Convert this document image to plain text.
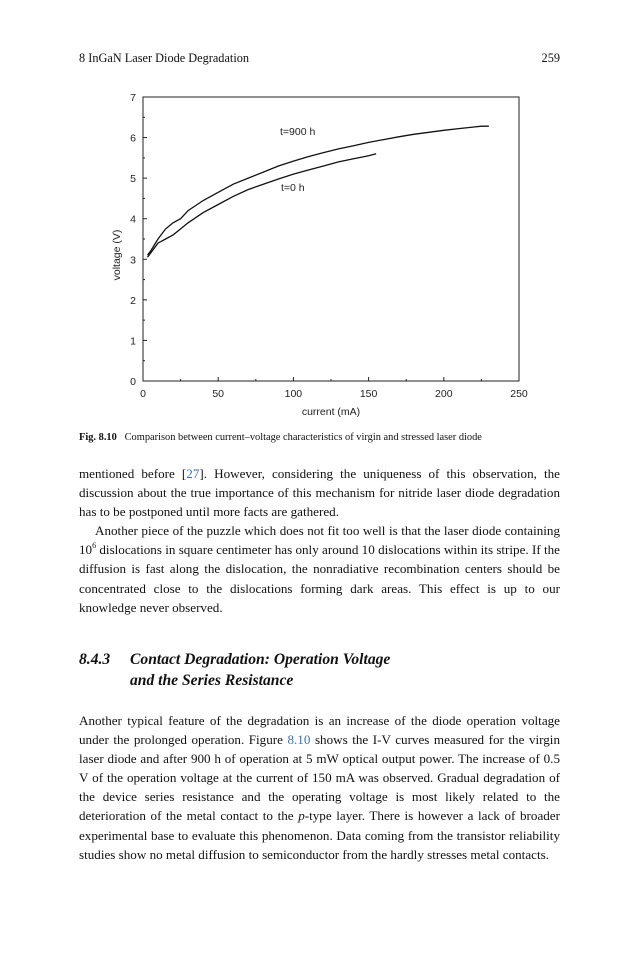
8 InGaN Laser Diode Degradation	259
0
1
2
3
4
5
6
7
0	50	100	150	200	250
current (mA)
voltage (V)
t=900 h
t=0 h
Fig. 8.10 Comparison between current–voltage characteristics of virgin and stressed laser diode

mentioned before [27]. However, considering the uniqueness of this observation, the discussion about the true importance of this mechanism for nitride laser diode degradation has to be postponed until more facts are gathered.

Another piece of the puzzle which does not fit too well is that the laser diode containing $10^6$ dislocations in square centimeter has only around 10 dislocations within its stripe. If the diffusion is fast along the dislocation, the nonradiative recombination centers should be concentrated close to the dislocations forming dark areas. This effect is up to our knowledge never observed.

8.4.3	Contact Degradation: Operation Voltage
and the Series Resistance

Another typical feature of the degradation is an increase of the diode operation voltage under the prolonged operation. Figure 8.10 shows the I-V curves measured for the virgin laser diode and after 900 h of operation at 5 mW optical output power. The increase of 0.5 V of the operation voltage at the current of 150 mA was observed. Gradual degradation of the device series resistance and the operating voltage is most likely related to the deterioration of the metal contact to the p-type layer. There is however a lack of broader experimental base to evaluate this phenomenon. Data coming from the transistor reliability studies show no metal diffusion to semiconductor from the hardly stresses metal contacts.
